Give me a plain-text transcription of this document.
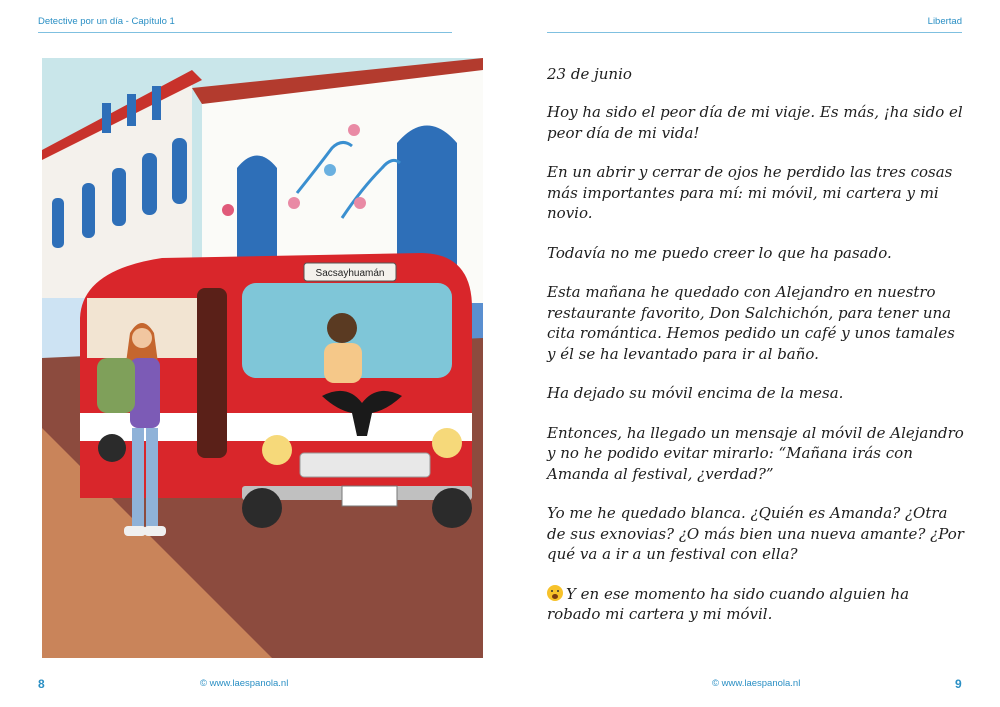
Detective por un día - Capítulo 1	Libertad
Sacsayhuamán
23 de junio

Hoy ha sido el peor día de mi viaje. Es más, ¡ha sido el peor día de mi vida!

En un abrir y cerrar de ojos he perdido las tres cosas más importantes para mí: mi móvil, mi cartera y mi novio.

Todavía no me puedo creer lo que ha pasado.

Esta mañana he quedado con Alejandro en nuestro restaurante favorito, Don Salchichón, para tener una cita romántica. Hemos pedido un café y unos tamales y él se ha levantado para ir al baño.

Ha dejado su móvil encima de la mesa.

Entonces, ha llegado un mensaje al móvil de Alejandro y no he podido evitar mirarlo: “Mañana irás con Amanda al festival, ¿verdad?”

Yo me he quedado blanca. ¿Quién es Amanda? ¿Otra de sus exnovias? ¿O más bien una nueva amante? ¿Por qué va a ir a un festival con ella?

Y en ese momento ha sido cuando alguien ha robado mi cartera y mi móvil.

8	© www.laespanola.nl	© www.laespanola.nl	9
